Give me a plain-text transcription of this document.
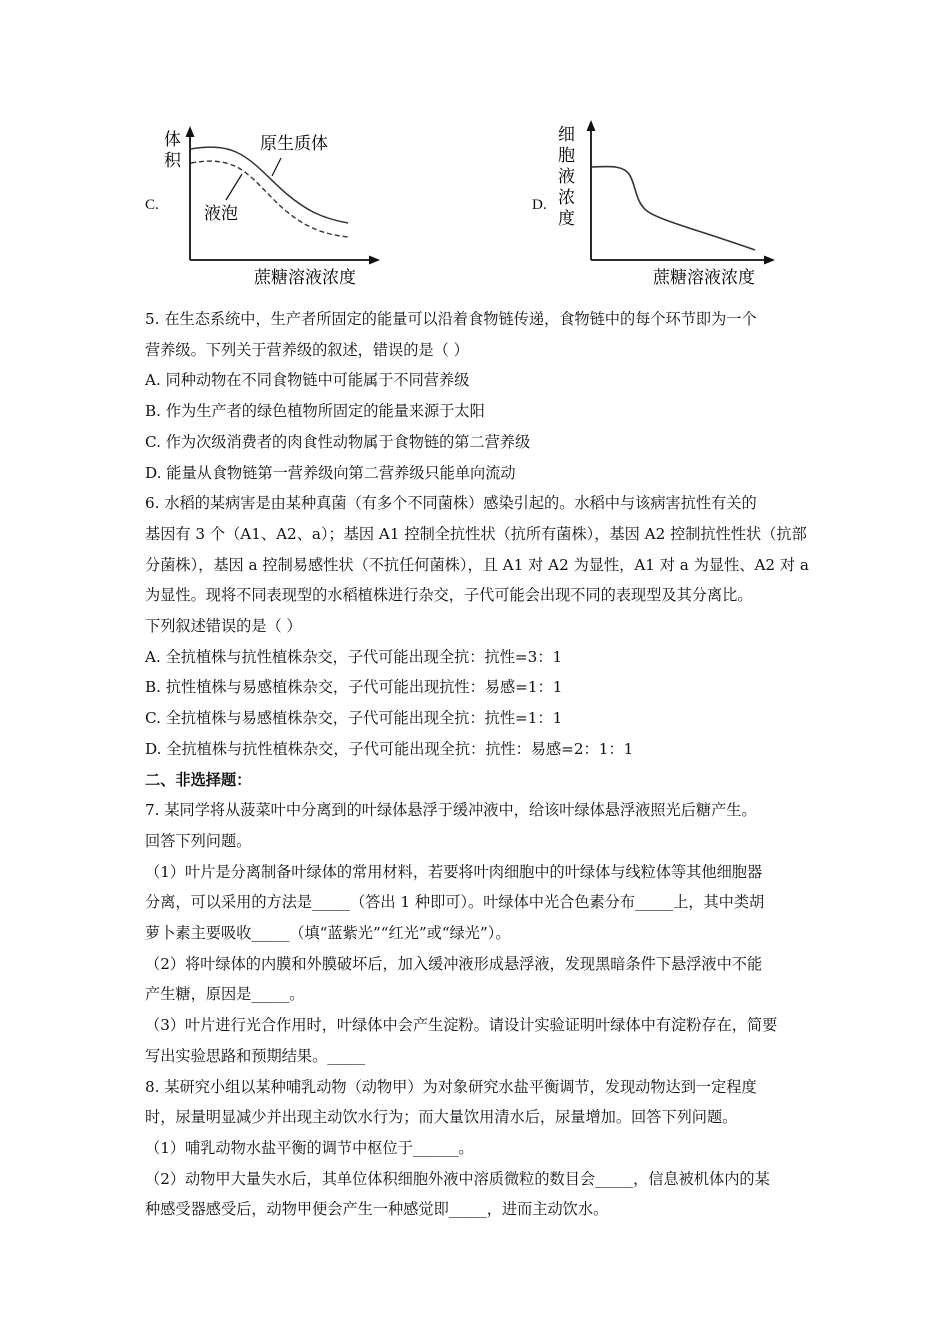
C.
体
积
原生质体
液泡
蔗糖溶液浓度
D.
细
胞
液
浓
度
蔗糖溶液浓度
5. 在生态系统中，生产者所固定的能量可以沿着食物链传递，食物链中的每个环节即为一个
营养级。下列关于营养级的叙述，错误的是（ ）
A. 同种动物在不同食物链中可能属于不同营养级
B. 作为生产者的绿色植物所固定的能量来源于太阳
C. 作为次级消费者的肉食性动物属于食物链的第二营养级
D. 能量从食物链第一营养级向第二营养级只能单向流动
6. 水稻的某病害是由某种真菌（有多个不同菌株）感染引起的。水稻中与该病害抗性有关的
基因有 3 个（A1、A2、a）；基因 A1 控制全抗性状（抗所有菌株），基因 A2 控制抗性性状（抗部
分菌株），基因 a 控制易感性状（不抗任何菌株），且 A1 对 A2 为显性，A1 对 a 为显性、A2 对 a
为显性。现将不同表现型的水稻植株进行杂交，子代可能会出现不同的表现型及其分离比。
下列叙述错误的是（ ）
A. 全抗植株与抗性植株杂交，子代可能出现全抗：抗性=3：1
B. 抗性植株与易感植株杂交，子代可能出现抗性：易感=1：1
C. 全抗植株与易感植株杂交，子代可能出现全抗：抗性=1：1
D. 全抗植株与抗性植株杂交，子代可能出现全抗：抗性：易感=2：1：1
二、非选择题：
7. 某同学将从菠菜叶中分离到的叶绿体悬浮于缓冲液中，给该叶绿体悬浮液照光后糖产生。
回答下列问题。
（1）叶片是分离制备叶绿体的常用材料，若要将叶肉细胞中的叶绿体与线粒体等其他细胞器
分离，可以采用的方法是_____（答出 1 种即可）。叶绿体中光合色素分布_____上，其中类胡
萝卜素主要吸收_____（填“蓝紫光”“红光”或“绿光”）。
（2）将叶绿体的内膜和外膜破坏后，加入缓冲液形成悬浮液，发现黑暗条件下悬浮液中不能
产生糖，原因是_____。
（3）叶片进行光合作用时，叶绿体中会产生淀粉。请设计实验证明叶绿体中有淀粉存在，简要
写出实验思路和预期结果。_____
8. 某研究小组以某种哺乳动物（动物甲）为对象研究水盐平衡调节，发现动物达到一定程度
时，尿量明显减少并出现主动饮水行为；而大量饮用清水后，尿量增加。回答下列问题。
（1）哺乳动物水盐平衡的调节中枢位于______。
（2）动物甲大量失水后，其单位体积细胞外液中溶质微粒的数目会_____，信息被机体内的某
种感受器感受后，动物甲便会产生一种感觉即_____，进而主动饮水。
